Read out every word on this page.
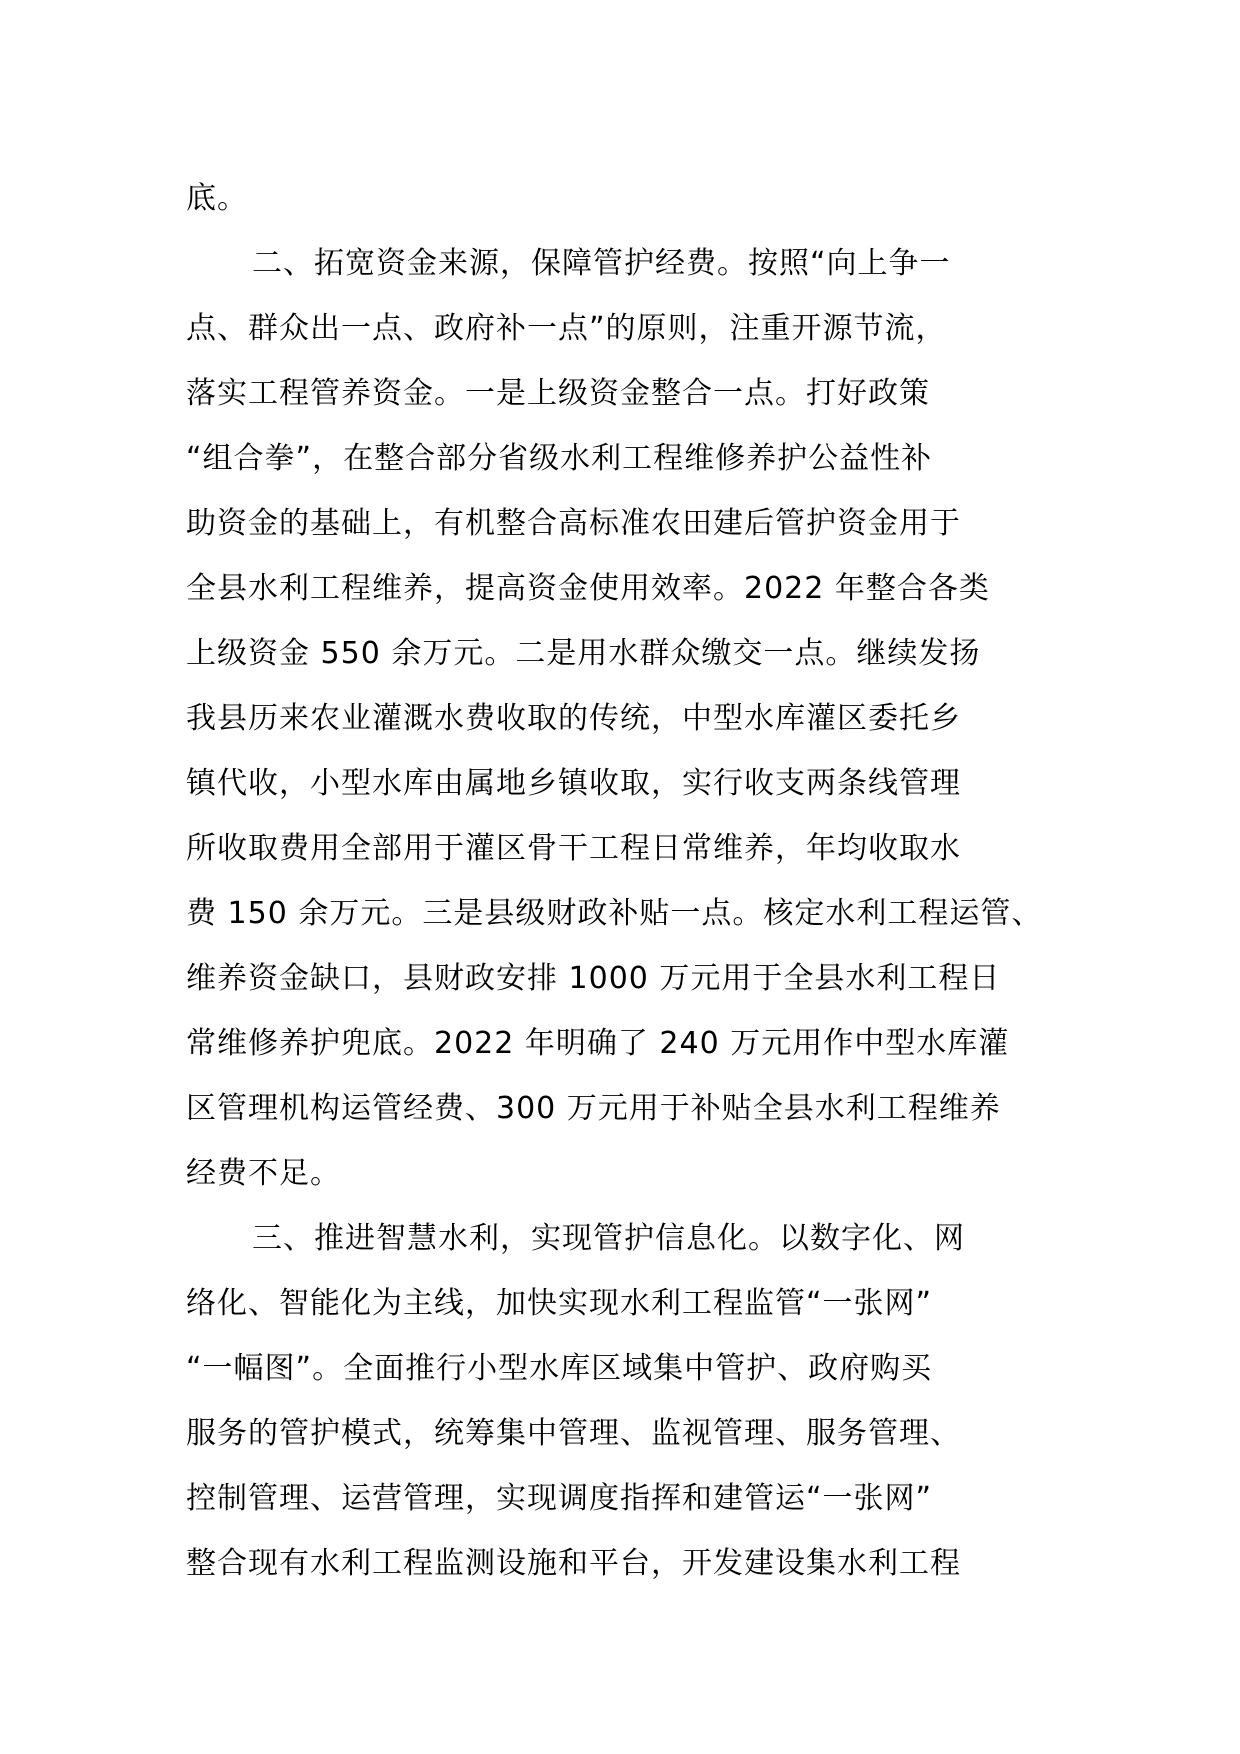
底。
二、拓宽资金来源，保障管护经费。按照“向上争一
点、群众出一点、政府补一点”的原则，注重开源节流，
落实工程管养资金。一是上级资金整合一点。打好政策
“组合拳”，在整合部分省级水利工程维修养护公益性补
助资金的基础上，有机整合高标准农田建后管护资金用于
全县水利工程维养，提高资金使用效率。2022 年整合各类
上级资金 550 余万元。二是用水群众缴交一点。继续发扬
我县历来农业灌溉水费收取的传统，中型水库灌区委托乡
镇代收，小型水库由属地乡镇收取，实行收支两条线管理
所收取费用全部用于灌区骨干工程日常维养，年均收取水
费 150 余万元。三是县级财政补贴一点。核定水利工程运管、
维养资金缺口，县财政安排 1000 万元用于全县水利工程日
常维修养护兜底。2022 年明确了 240 万元用作中型水库灌
区管理机构运管经费、300 万元用于补贴全县水利工程维养
经费不足。
三、推进智慧水利，实现管护信息化。以数字化、网
络化、智能化为主线，加快实现水利工程监管“一张网”
“一幅图”。全面推行小型水库区域集中管护、政府购买
服务的管护模式，统筹集中管理、监视管理、服务管理、
控制管理、运营管理，实现调度指挥和建管运“一张网”
整合现有水利工程监测设施和平台，开发建设集水利工程
